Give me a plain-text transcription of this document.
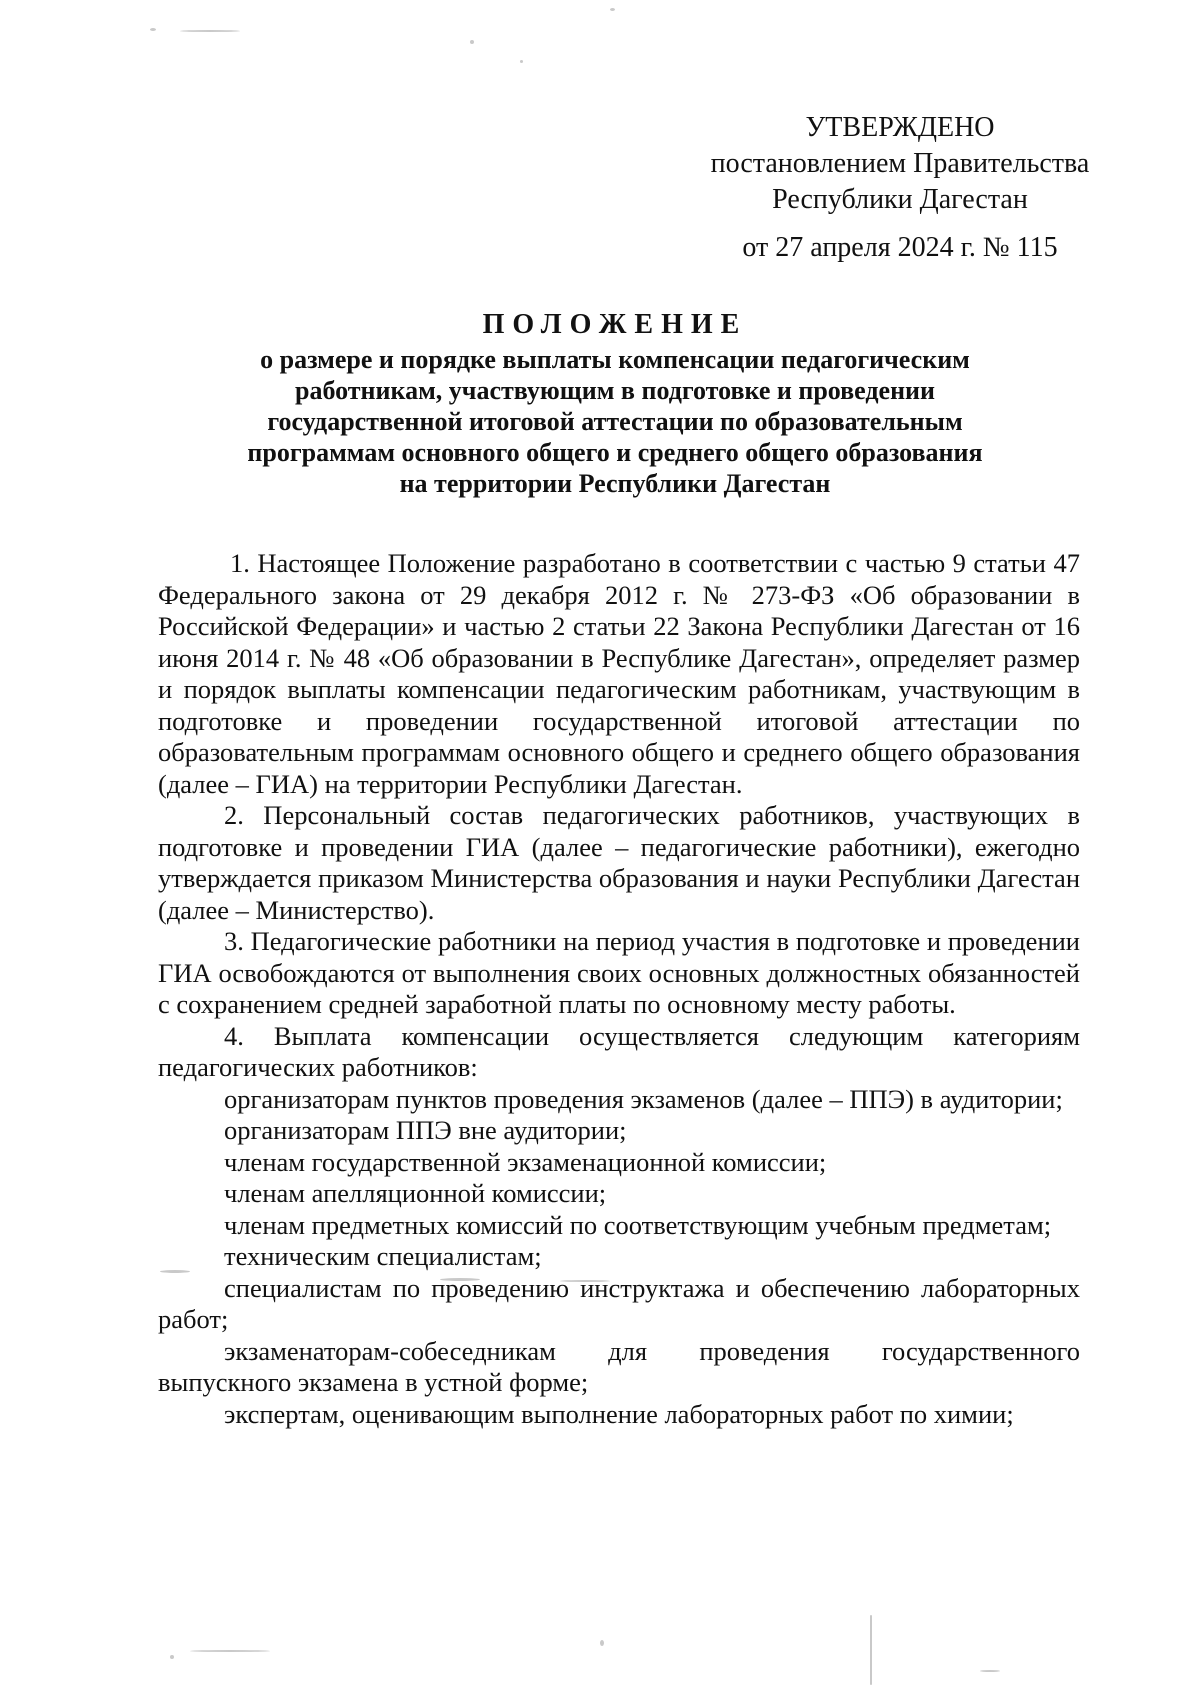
УТВЕРЖДЕНО
постановлением Правительства
Республики Дагестан
от 27 апреля 2024 г. № 115
ПОЛОЖЕНИЕ
о размере и порядке выплаты компенсации педагогическим
работникам, участвующим в подготовке и проведении
государственной итоговой аттестации по образовательным
программам основного общего и среднего общего образования
на территории Республики Дагестан

1. Настоящее Положение разработано в соответствии с частью 9 статьи 47 Федерального закона от 29 декабря 2012 г. № 273-ФЗ «Об образовании в Российской Федерации» и частью 2 статьи 22 Закона Республики Дагестан от 16 июня 2014 г. № 48 «Об образовании в Республике Дагестан», определяет размер и порядок выплаты компенсации педагогическим работникам, участвующим в подготовке и проведении государственной итоговой аттестации по образовательным программам основного общего и среднего общего образования (далее – ГИА) на территории Республики Дагестан.

2. Персональный состав педагогических работников, участвующих в подготовке и проведении ГИА (далее – педагогические работники), ежегодно утверждается приказом Министерства образования и науки Республики Дагестан (далее – Министерство).

3. Педагогические работники на период участия в подготовке и проведении ГИА освобождаются от выполнения своих основных должностных обязанностей с сохранением средней заработной платы по основному месту работы.

4. Выплата компенсации осуществляется следующим категориям педагогических работников:

организаторам пунктов проведения экзаменов (далее – ППЭ) в аудитории;

организаторам ППЭ вне аудитории;

членам государственной экзаменационной комиссии;

членам апелляционной комиссии;

членам предметных комиссий по соответствующим учебным предметам;

техническим специалистам;

специалистам по проведению инструктажа и обеспечению лабораторных работ;

экзаменаторам-собеседникам для проведения государственного выпускного экзамена в устной форме;

экспертам, оценивающим выполнение лабораторных работ по химии;
